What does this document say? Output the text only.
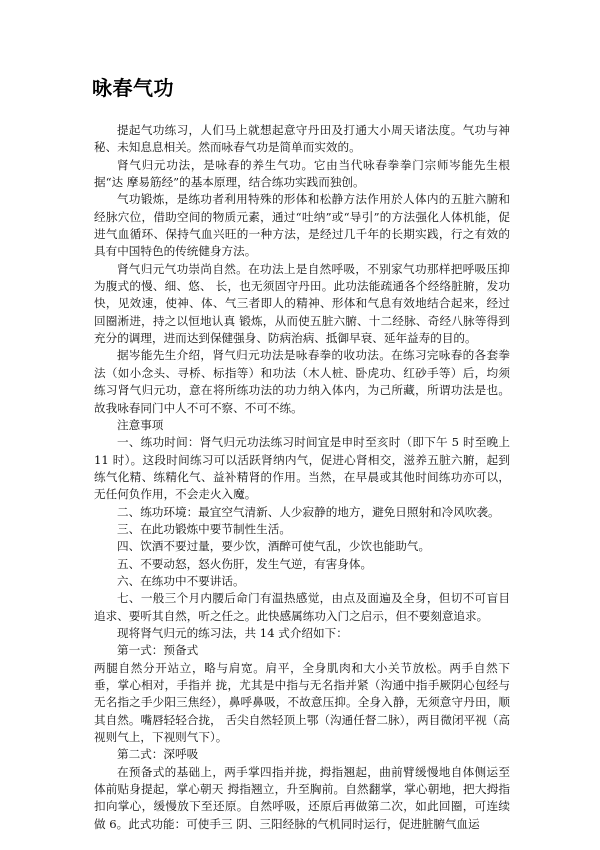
咏春气功

提起气功练习，人们马上就想起意守丹田及打通大小周天诸法度。气功与神秘、未知息息相关。然而咏春气功是简单而实效的。

肾气归元功法，是咏春的养生气功。它由当代咏春拳拳门宗师岑能先生根据“达 摩易筋经”的基本原理，结合练功实践而独创。

气功锻炼，是练功者利用特殊的形体和松静方法作用於人体内的五脏六腑和经脉穴位，借助空间的物质元素，通过“吐纳”或“导引”的方法强化人体机能，促进气血循环、保持气血兴旺的一种方法，是经过几千年的长期实践，行之有效的具有中国特色的传统健身方法。

肾气归元气功崇尚自然。在功法上是自然呼吸，不别家气功那样把呼吸压抑为腹式的慢、细、悠、 长，也无须固守丹田。此功法能疏通各个经络脏腑，发功快，见效速，使神、体、气三者即人的精神、形体和气息有效地结合起来，经过回圈淅进，持之以恒地认真 锻炼，从而使五脏六腑、十二经脉、奇经八脉等得到充分的调理，进而达到保健强身、防病治病、抵御早衰、延年益寿的目的。

据岑能先生介绍，肾气归元功法是咏春拳的收功法。在练习完咏春的各套拳法（如小念头、寻桥、标指等）和功法（木人桩、卧虎功、红砂手等）后，均须练习肾气归元功，意在将所练功法的功力纳入体内，为己所藏，所谓功法是也。故我咏春同门中人不可不察、不可不练。

注意事项

一、练功时间：肾气归元功法练习时间宜是申时至亥时（即下午 5 时至晚上11 时）。这段时间练习可以活跃肾纳内气，促进心肾相交，滋养五脏六腑，起到练气化精、练精化气、益补精肾的作用。当然，在早晨或其他时间练功亦可以，无任何负作用，不会走火入魔。

二、练功环境：最宜空气清新、人少寂静的地方，避免日照射和冷风吹袭。

三、在此功锻炼中要节制性生活。

四、饮酒不要过量，要少饮，酒醉可使气乱，少饮也能助气。

五、不要动怒，怒火伤肝，发生气逆，有害身体。

六、在练功中不要讲话。

七、一般三个月内腰后命门有温热感觉，由点及面遍及全身，但切不可盲目追求、要听其自然，听之任之。此快感属练功入门之启示，但不要刻意追求。

现将肾气归元的练习法，共 14 式介绍如下：

第一式：预备式

两腿自然分开站立，略与肩宽。肩平，全身肌肉和大小关节放松。两手自然下垂，掌心相对，手指并 拢，尤其是中指与无名指并紧（沟通中指手厥阴心包经与无名指之手少阳三焦经），鼻呼鼻吸，不故意压抑。全身入静，无须意守丹田，顺其自然。嘴唇轻轻合拢， 舌尖自然轻顶上鄂（沟通任督二脉），两目微闭平视（高视则气上，下视则气下）。

第二式：深呼吸

在预备式的基础上，两手掌四指并拢，拇指翘起，曲前臂缓慢地自体侧运至体前贴身提起，掌心朝天 拇指翘立，升至胸前。自然翻掌，掌心朝地，把大拇指扣向掌心，缓慢放下至还原。自然呼吸，还原后再做第二次，如此回圈，可连续做 6。此式功能：可使手三 阴、三阳经脉的气机同时运行，促进脏腑气血运
